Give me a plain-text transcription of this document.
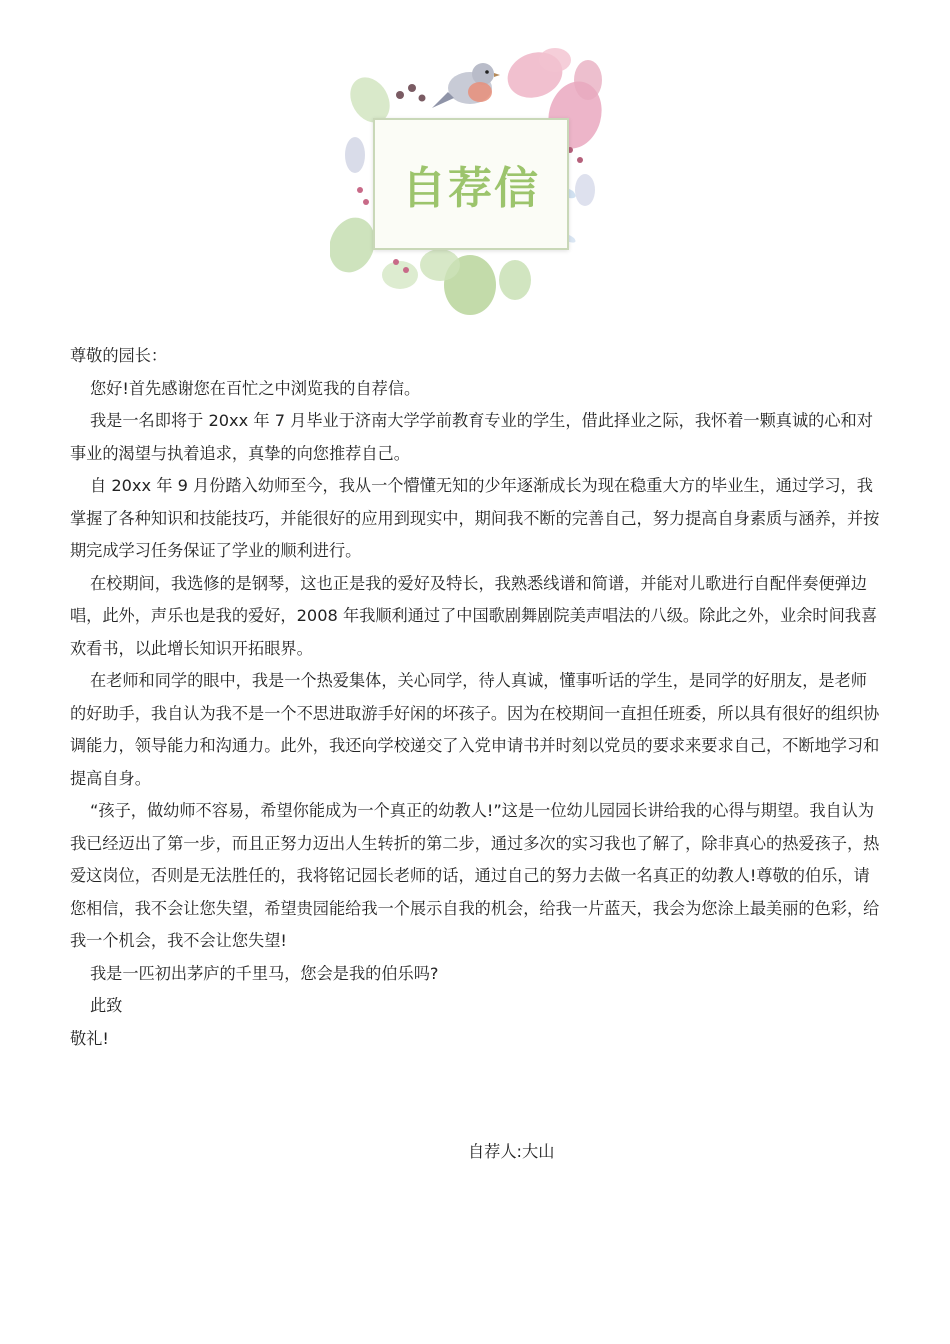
自荐信

尊敬的园长：

您好!首先感谢您在百忙之中浏览我的自荐信。

我是一名即将于 20xx 年 7 月毕业于济南大学学前教育专业的学生，借此择业之际，我怀着一颗真诚的心和对事业的渴望与执着追求，真挚的向您推荐自己。

自 20xx 年 9 月份踏入幼师至今，我从一个懵懂无知的少年逐渐成长为现在稳重大方的毕业生，通过学习，我掌握了各种知识和技能技巧，并能很好的应用到现实中，期间我不断的完善自己，努力提高自身素质与涵养，并按期完成学习任务保证了学业的顺利进行。

在校期间，我选修的是钢琴，这也正是我的爱好及特长，我熟悉线谱和简谱，并能对儿歌进行自配伴奏便弹边唱，此外，声乐也是我的爱好，2008 年我顺利通过了中国歌剧舞剧院美声唱法的八级。除此之外，业余时间我喜欢看书，以此增长知识开拓眼界。

在老师和同学的眼中，我是一个热爱集体，关心同学，待人真诚，懂事听话的学生，是同学的好朋友，是老师的好助手，我自认为我不是一个不思进取游手好闲的坏孩子。因为在校期间一直担任班委，所以具有很好的组织协调能力，领导能力和沟通力。此外，我还向学校递交了入党申请书并时刻以党员的要求来要求自己，不断地学习和提高自身。

“孩子，做幼师不容易，希望你能成为一个真正的幼教人!”这是一位幼儿园园长讲给我的心得与期望。我自认为我已经迈出了第一步，而且正努力迈出人生转折的第二步，通过多次的实习我也了解了，除非真心的热爱孩子，热爱这岗位，否则是无法胜任的，我将铭记园长老师的话，通过自己的努力去做一名真正的幼教人!尊敬的伯乐，请您相信，我不会让您失望，希望贵园能给我一个展示自我的机会，给我一片蓝天，我会为您涂上最美丽的色彩，给我一个机会，我不会让您失望!

我是一匹初出茅庐的千里马，您会是我的伯乐吗?

此致

敬礼!

自荐人:大山
